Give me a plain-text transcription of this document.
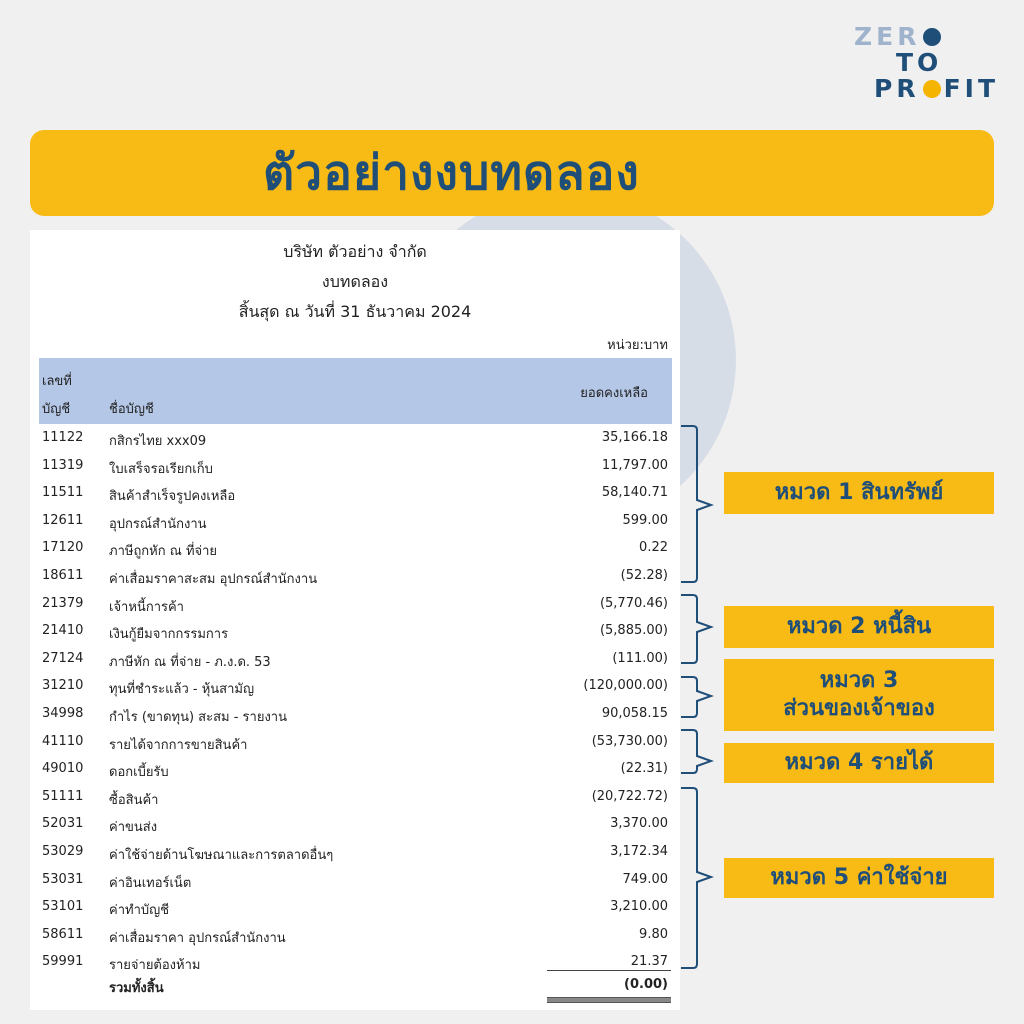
ZER
TO
PR FIT
ตัวอย่างงบทดลอง
บริษัท ตัวอย่าง จำกัด
งบทดลอง
สิ้นสุด ณ วันที่ 31 ธันวาคม 2024
หน่วย:บาท
เลขที่
บัญชี	ชื่อบัญชี
ยอดคงเหลือ
11122 กสิกรไทย xxx09	35,166.18
11319 ใบเสร็จรอเรียกเก็บ	11,797.00
11511 สินค้าสำเร็จรูปคงเหลือ	58,140.71
12611 อุปกรณ์สำนักงาน	599.00
17120 ภาษีถูกหัก ณ ที่จ่าย	0.22
18611 ค่าเสื่อมราคาสะสม อุปกรณ์สำนักงาน	(52.28)
21379 เจ้าหนี้การค้า	(5,770.46)
21410 เงินกู้ยืมจากกรรมการ	(5,885.00)
27124 ภาษีหัก ณ ที่จ่าย - ภ.ง.ด. 53	(111.00)
31210 ทุนที่ชำระแล้ว - หุ้นสามัญ	(120,000.00)
34998 กำไร (ขาดทุน) สะสม - รายงาน	90,058.15
41110 รายได้จากการขายสินค้า	(53,730.00)
49010 ดอกเบี้ยรับ	(22.31)
51111 ซื้อสินค้า	(20,722.72)
52031 ค่าขนส่ง	3,370.00
53029 ค่าใช้จ่ายด้านโฆษณาและการตลาดอื่นๆ	3,172.34
53031 ค่าอินเทอร์เน็ต	749.00
53101 ค่าทำบัญชี	3,210.00
58611 ค่าเสื่อมราคา อุปกรณ์สำนักงาน	9.80
59991 รายจ่ายต้องห้าม	21.37
รวมทั้งสิ้น	(0.00)
หมวด 1 สินทรัพย์
หมวด 2 หนี้สิน
หมวด 3
ส่วนของเจ้าของ
หมวด 4 รายได้
หมวด 5 ค่าใช้จ่าย
